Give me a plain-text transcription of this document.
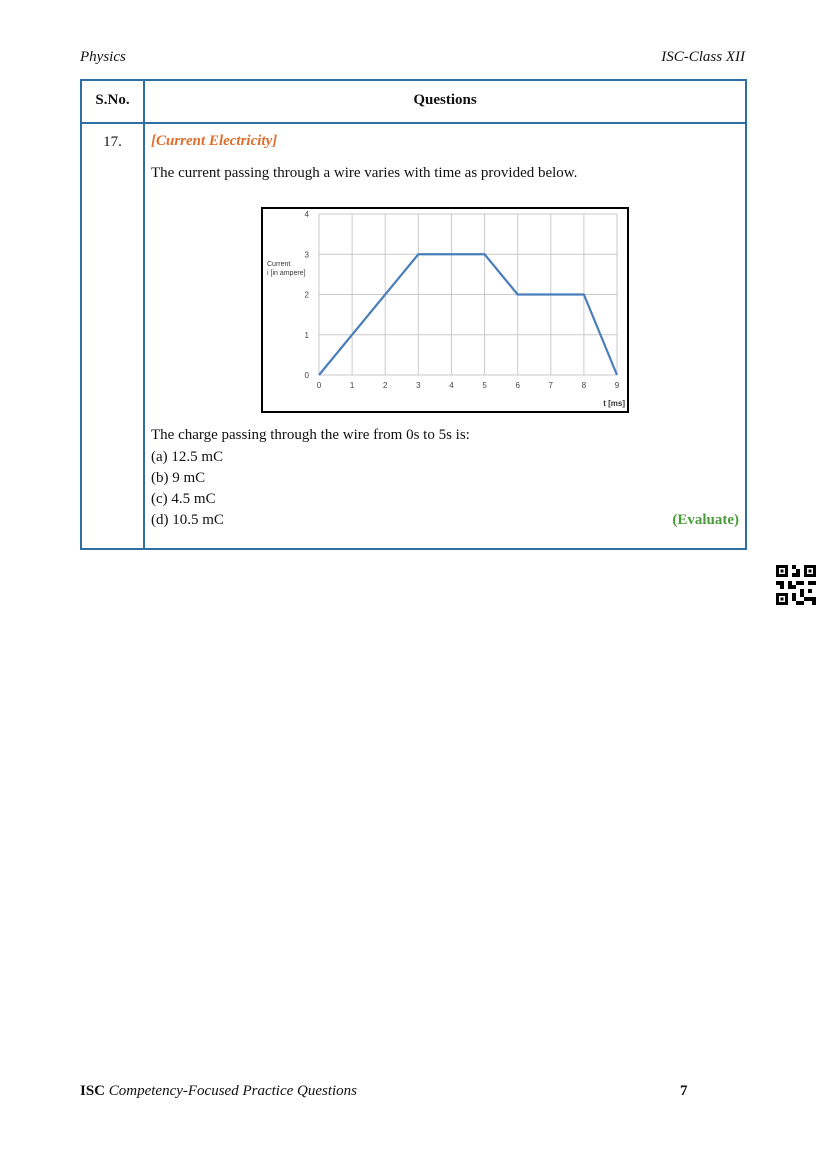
Physics	ISC-Class XII
S.No.	Questions
17.	[Current Electricity]
The current passing through a wire varies with time as provided below.
0	1	2	3	4	5	6	7	8	9
0
1
2
3
4
Current
i [in ampere]
t [ms]
The charge passing through the wire from 0s to 5s is:
(a) 12.5 mC
(b) 9 mC
(c) 4.5 mC
(d) 10.5 mC	(Evaluate)
ISC Competency-Focused Practice Questions	7
